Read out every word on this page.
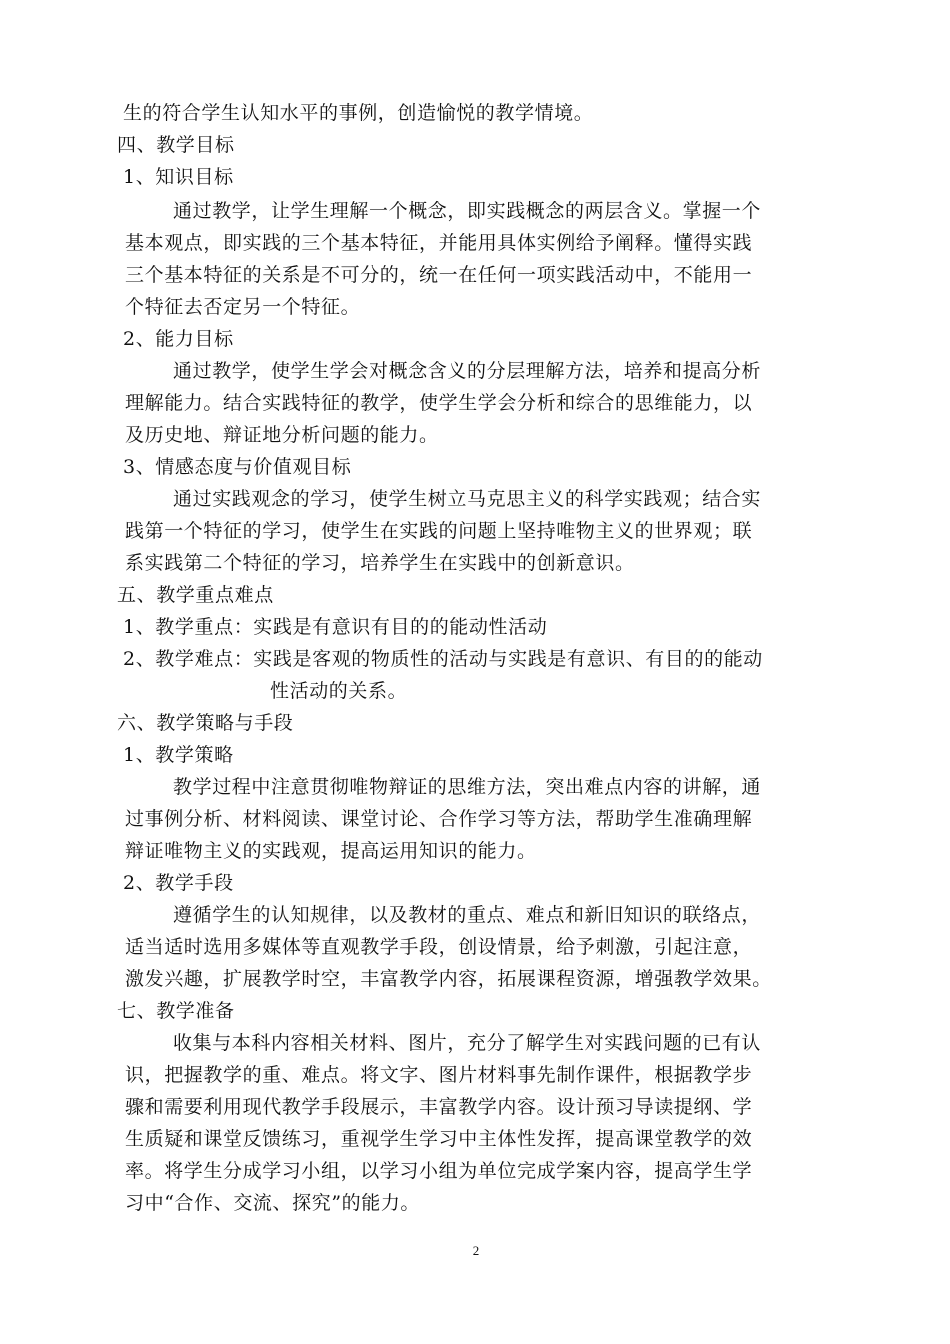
生的符合学生认知水平的事例，创造愉悦的教学情境。
四、教学目标
1、知识目标
通过教学，让学生理解一个概念，即实践概念的两层含义。掌握一个
基本观点，即实践的三个基本特征，并能用具体实例给予阐释。懂得实践
三个基本特征的关系是不可分的，统一在任何一项实践活动中，不能用一
个特征去否定另一个特征。
2、能力目标
通过教学，使学生学会对概念含义的分层理解方法，培养和提高分析
理解能力。结合实践特征的教学，使学生学会分析和综合的思维能力，以
及历史地、辩证地分析问题的能力。
3、情感态度与价值观目标
通过实践观念的学习，使学生树立马克思主义的科学实践观；结合实
践第一个特征的学习，使学生在实践的问题上坚持唯物主义的世界观；联
系实践第二个特征的学习，培养学生在实践中的创新意识。
五、教学重点难点
1、教学重点：实践是有意识有目的的能动性活动
2、教学难点：实践是客观的物质性的活动与实践是有意识、有目的的能动
性活动的关系。
六、教学策略与手段
1、教学策略
教学过程中注意贯彻唯物辩证的思维方法，突出难点内容的讲解，通
过事例分析、材料阅读、课堂讨论、合作学习等方法，帮助学生准确理解
辩证唯物主义的实践观，提高运用知识的能力。
2、教学手段
遵循学生的认知规律，以及教材的重点、难点和新旧知识的联络点，
适当适时选用多媒体等直观教学手段，创设情景，给予刺激，引起注意，
激发兴趣，扩展教学时空，丰富教学内容，拓展课程资源，增强教学效果。
七、教学准备
收集与本科内容相关材料、图片，充分了解学生对实践问题的已有认
识，把握教学的重、难点。将文字、图片材料事先制作课件，根据教学步
骤和需要利用现代教学手段展示，丰富教学内容。设计预习导读提纲、学
生质疑和课堂反馈练习，重视学生学习中主体性发挥，提高课堂教学的效
率。将学生分成学习小组，以学习小组为单位完成学案内容，提高学生学
习中“合作、交流、探究”的能力。
2
